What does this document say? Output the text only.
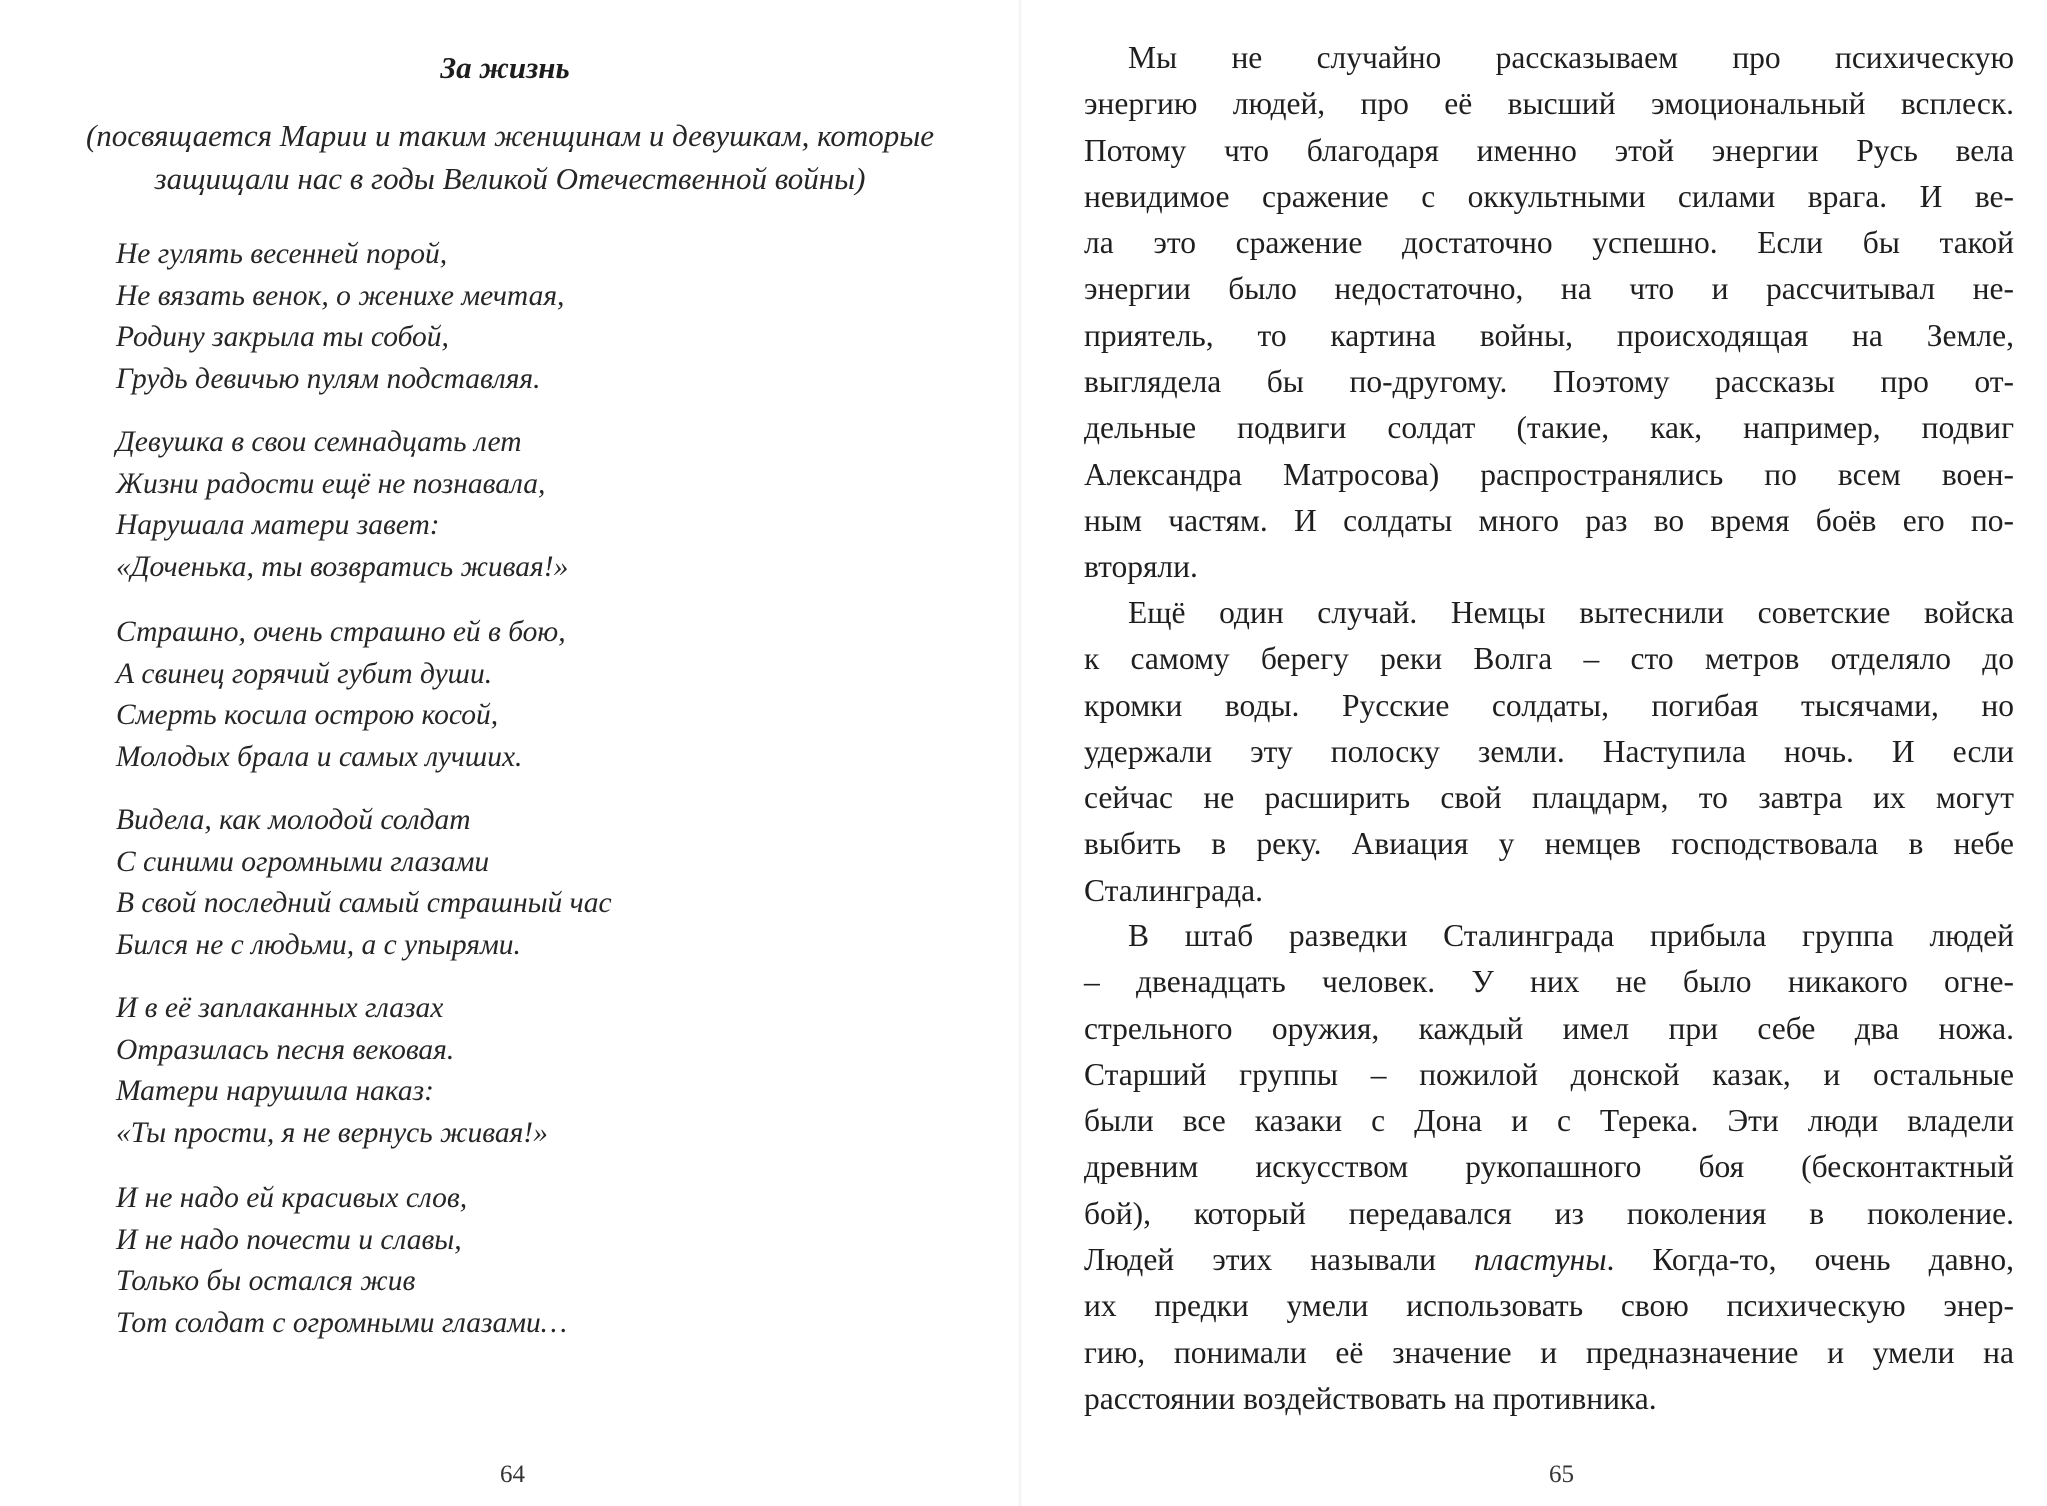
За жизнь
(посвящается Марии и таким женщинам и девушкам, которые
защищали нас в годы Великой Отечественной войны)
Не гулять весенней порой,
Не вязать венок, о женихе мечтая,
Родину закрыла ты собой,
Грудь девичью пулям подставляя.
Девушка в свои семнадцать лет
Жизни радости ещё не познавала,
Нарушала матери завет:
«Доченька, ты возвратись живая!»
Страшно, очень страшно ей в бою,
А свинец горячий губит души.
Смерть косила острою косой,
Молодых брала и самых лучших.
Видела, как молодой солдат
С синими огромными глазами
В свой последний самый страшный час
Бился не с людьми, а с упырями.
И в её заплаканных глазах
Отразилась песня вековая.
Матери нарушила наказ:
«Ты прости, я не вернусь живая!»
И не надо ей красивых слов,
И не надо почести и славы,
Только бы остался жив
Тот солдат с огромными глазами…
64
Мы не случайно рассказываем про психическую
энергию людей, про её высший эмоциональный всплеск.
Потому что благодаря именно этой энергии Русь вела
невидимое сражение с оккультными силами врага. И ве-
ла это сражение достаточно успешно. Если бы такой
энергии было недостаточно, на что и рассчитывал не-
приятель, то картина войны, происходящая на Земле,
выглядела бы по-другому. Поэтому рассказы про от-
дельные подвиги солдат (такие, как, например, подвиг
Александра Матросова) распространялись по всем воен-
ным частям. И солдаты много раз во время боёв его по-
вторяли.
Ещё один случай. Немцы вытеснили советские войска
к самому берегу реки Волга – сто метров отделяло до
кромки воды. Русские солдаты, погибая тысячами, но
удержали эту полоску земли. Наступила ночь. И если
сейчас не расширить свой плацдарм, то завтра их могут
выбить в реку. Авиация у немцев господствовала в небе
Сталинграда.
В штаб разведки Сталинграда прибыла группа людей
– двенадцать человек. У них не было никакого огне-
стрельного оружия, каждый имел при себе два ножа.
Старший группы – пожилой донской казак, и остальные
были все казаки с Дона и с Терека. Эти люди владели
древним искусством рукопашного боя (бесконтактный
бой), который передавался из поколения в поколение.
Людей этих называли пластуны. Когда-то, очень давно,
их предки умели использовать свою психическую энер-
гию, понимали её значение и предназначение и умели на
расстоянии воздействовать на противника.
65
